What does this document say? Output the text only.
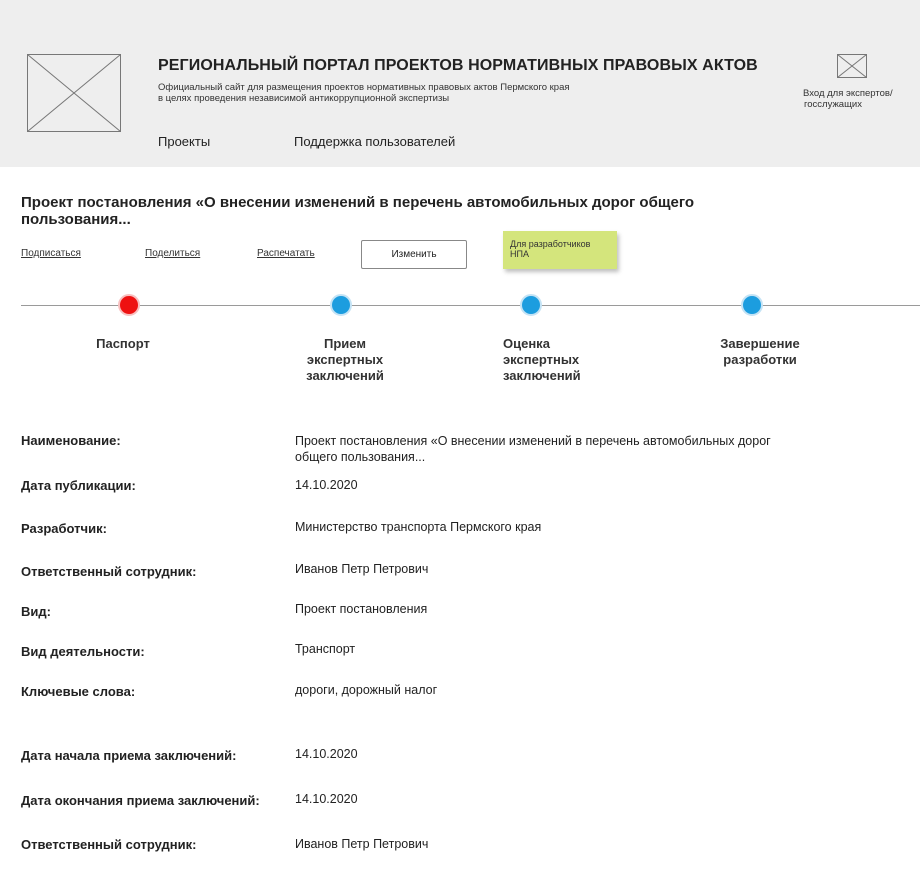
РЕГИОНАЛЬНЫЙ ПОРТАЛ ПРОЕКТОВ НОРМАТИВНЫХ ПРАВОВЫХ АКТОВ
Официальный сайт для размещения проектов нормативных правовых актов Пермского края
в целях проведения независимой антикоррупционной экспертизы
Проекты	Поддержка пользователей
Вход для экспертов/
госслужащих
Проект постановления «О внесении изменений в перечень автомобильных дорог общего пользования...
Подписаться	Поделиться	Распечатать	Изменить
Для разработчиков
НПА
Паспорт	Прием
экспертных
заключений
Оценка
экспертных
заключений
Завершение
разработки
Наименование:	Проект постановления «О внесении изменений в перечень автомобильных дорог
общего пользования...
Дата публикации:	14.10.2020
Разработчик:	Министерство транспорта Пермского края
Ответственный сотрудник:	Иванов Петр Петрович
Вид:	Проект постановления
Вид деятельности:	Транспорт
Ключевые слова:	дороги, дорожный налог
Дата начала приема заключений:	14.10.2020
Дата окончания приема заключений:	14.10.2020
Ответственный сотрудник:	Иванов Петр Петрович
